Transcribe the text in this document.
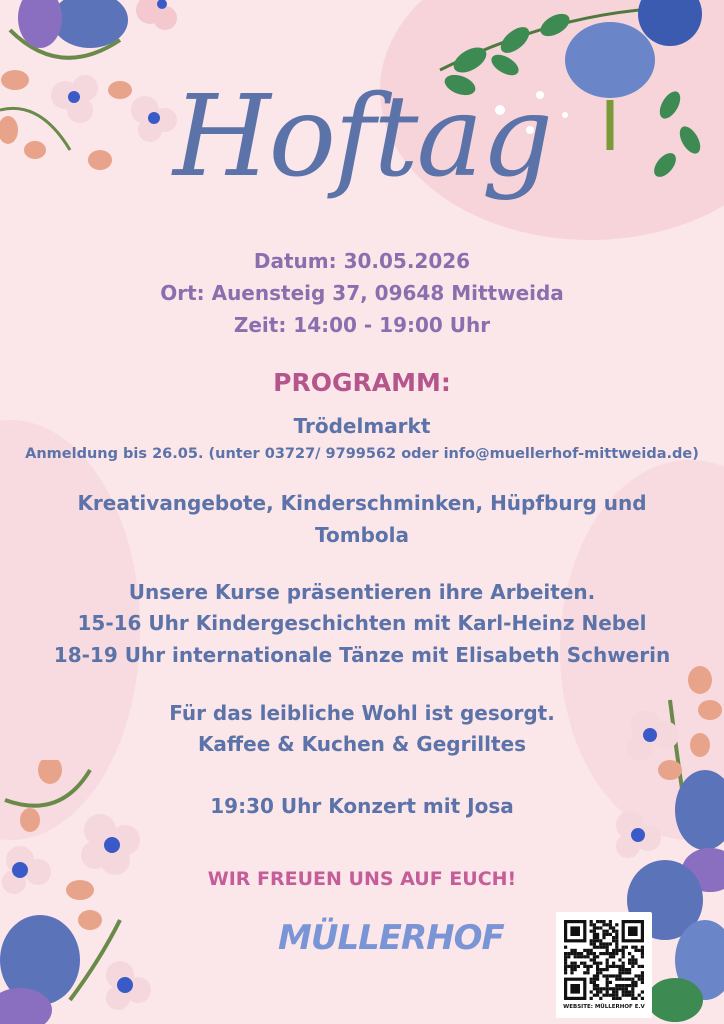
Hoftag
Datum: 30.05.2026
Ort: Auensteig 37, 09648 Mittweida
Zeit: 14:00 - 19:00 Uhr
PROGRAMM:
Trödelmarkt
Anmeldung bis 26.05. (unter 03727/ 9799562 oder info@muellerhof-mittweida.de)
Kreativangebote, Kinderschminken, Hüpfburg und
Tombola
Unsere Kurse präsentieren ihre Arbeiten.
15-16 Uhr Kindergeschichten mit Karl-Heinz Nebel
18-19 Uhr internationale Tänze mit Elisabeth Schwerin
Für das leibliche Wohl ist gesorgt.
Kaffee & Kuchen & Gegrilltes
19:30 Uhr Konzert mit Josa
WIR FREUEN UNS AUF EUCH!
MÜLLERHOF
WEBSITE: MÜLLERHOF E.V
